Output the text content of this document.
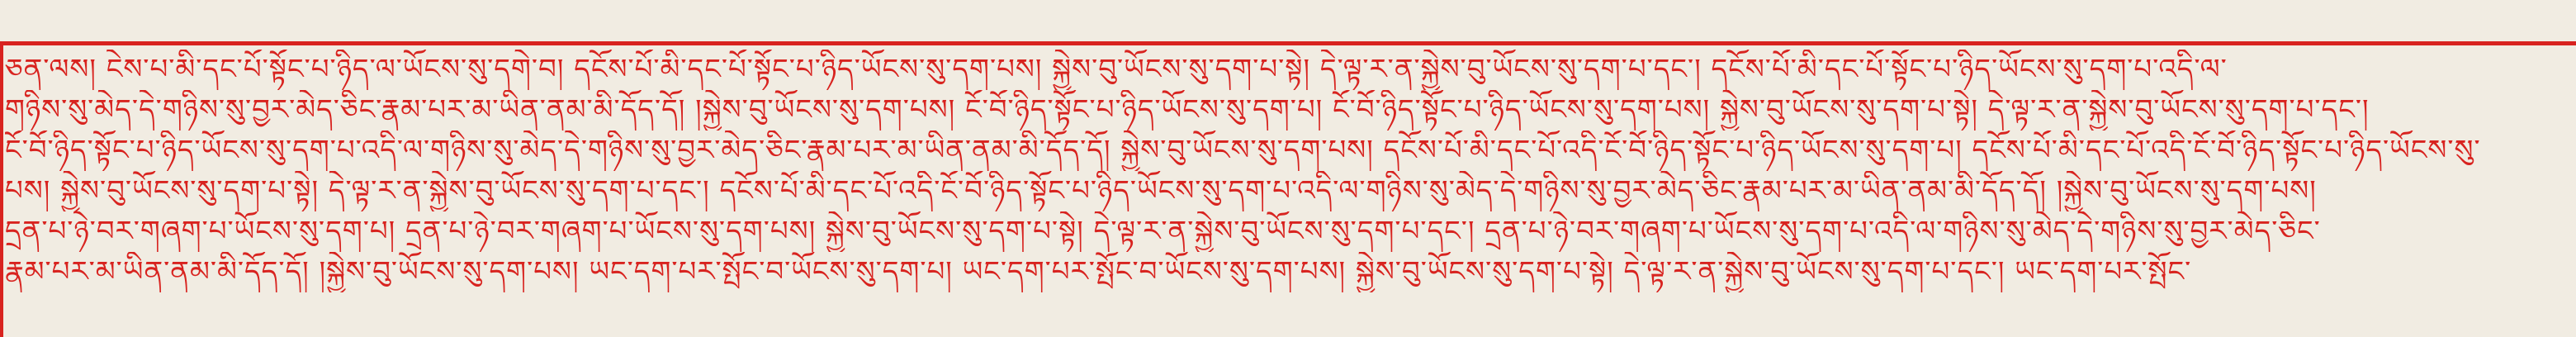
ཅན་ལས། ངེས་པ་མི་དང་པོ་སྟོང་པ་ཉིད་ལ་ཡོངས་སུ་དགེ་བ། དངོས་པོ་མི་དང་པོ་སྟོང་པ་ཉིད་ཡོངས་སུ་དག་པས། སྐྱེས་བུ་ཡོངས་སུ་དག་པ་སྟེ། དེ་ལྟ་ར་ན་སྐྱེས་བུ་ཡོངས་སུ་དག་པ་དང་། དངོས་པོ་མི་དང་པོ་སྟོང་པ་ཉིད་ཡོངས་སུ་དག་པ་འདི་ལ་
གཉིས་སུ་མེད་དེ་གཉིས་སུ་བྱར་མེད་ཅིང་རྣམ་པར་མ་ཡིན་ནམ་མི་དོད་དོ། །སྐྱེས་བུ་ཡོངས་སུ་དག་པས། ངོ་བོ་ཉིད་སྟོང་པ་ཉིད་ཡོངས་སུ་དག་པ། ངོ་བོ་ཉིད་སྟོང་པ་ཉིད་ཡོངས་སུ་དག་པས། སྐྱེས་བུ་ཡོངས་སུ་དག་པ་སྟེ། དེ་ལྟ་ར་ན་སྐྱེས་བུ་ཡོངས་སུ་དག་པ་དང་།
ངོ་བོ་ཉིད་སྟོང་པ་ཉིད་ཡོངས་སུ་དག་པ་འདི་ལ་གཉིས་སུ་མེད་དེ་གཉིས་སུ་བྱར་མེད་ཅིང་རྣམ་པར་མ་ཡིན་ནམ་མི་དོད་དོ། སྐྱེས་བུ་ཡོངས་སུ་དག་པས། དངོས་པོ་མི་དང་པོ་འདི་ངོ་བོ་ཉིད་སྟོང་པ་ཉིད་ཡོངས་སུ་དག་པ། དངོས་པོ་མི་དང་པོ་འདི་ངོ་བོ་ཉིད་སྟོང་པ་ཉིད་ཡོངས་སུ་
པས། སྐྱེས་བུ་ཡོངས་སུ་དག་པ་སྟེ། དེ་ལྟ་ར་ན་སྐྱེས་བུ་ཡོངས་སུ་དག་པ་དང་། དངོས་པོ་མི་དང་པོ་འདི་ངོ་བོ་ཉིད་སྟོང་པ་ཉིད་ཡོངས་སུ་དག་པ་འདི་ལ་གཉིས་སུ་མེད་དེ་གཉིས་སུ་བྱར་མེད་ཅིང་རྣམ་པར་མ་ཡིན་ནམ་མི་དོད་དོ། །སྐྱེས་བུ་ཡོངས་སུ་དག་པས།
དྲན་པ་ཉེ་བར་གཞག་པ་ཡོངས་སུ་དག་པ། དྲན་པ་ཉེ་བར་གཞག་པ་ཡོངས་སུ་དག་པས། སྐྱེས་བུ་ཡོངས་སུ་དག་པ་སྟེ། དེ་ལྟ་ར་ན་སྐྱེས་བུ་ཡོངས་སུ་དག་པ་དང་། དྲན་པ་ཉེ་བར་གཞག་པ་ཡོངས་སུ་དག་པ་འདི་ལ་གཉིས་སུ་མེད་དེ་གཉིས་སུ་བྱར་མེད་ཅིང་
རྣམ་པར་མ་ཡིན་ནམ་མི་དོད་དོ། །སྐྱེས་བུ་ཡོངས་སུ་དག་པས། ཡང་དག་པར་སྤོང་བ་ཡོངས་སུ་དག་པ། ཡང་དག་པར་སྤོང་བ་ཡོངས་སུ་དག་པས། སྐྱེས་བུ་ཡོངས་སུ་དག་པ་སྟེ། དེ་ལྟ་ར་ན་སྐྱེས་བུ་ཡོངས་སུ་དག་པ་དང་། ཡང་དག་པར་སྤོང་
